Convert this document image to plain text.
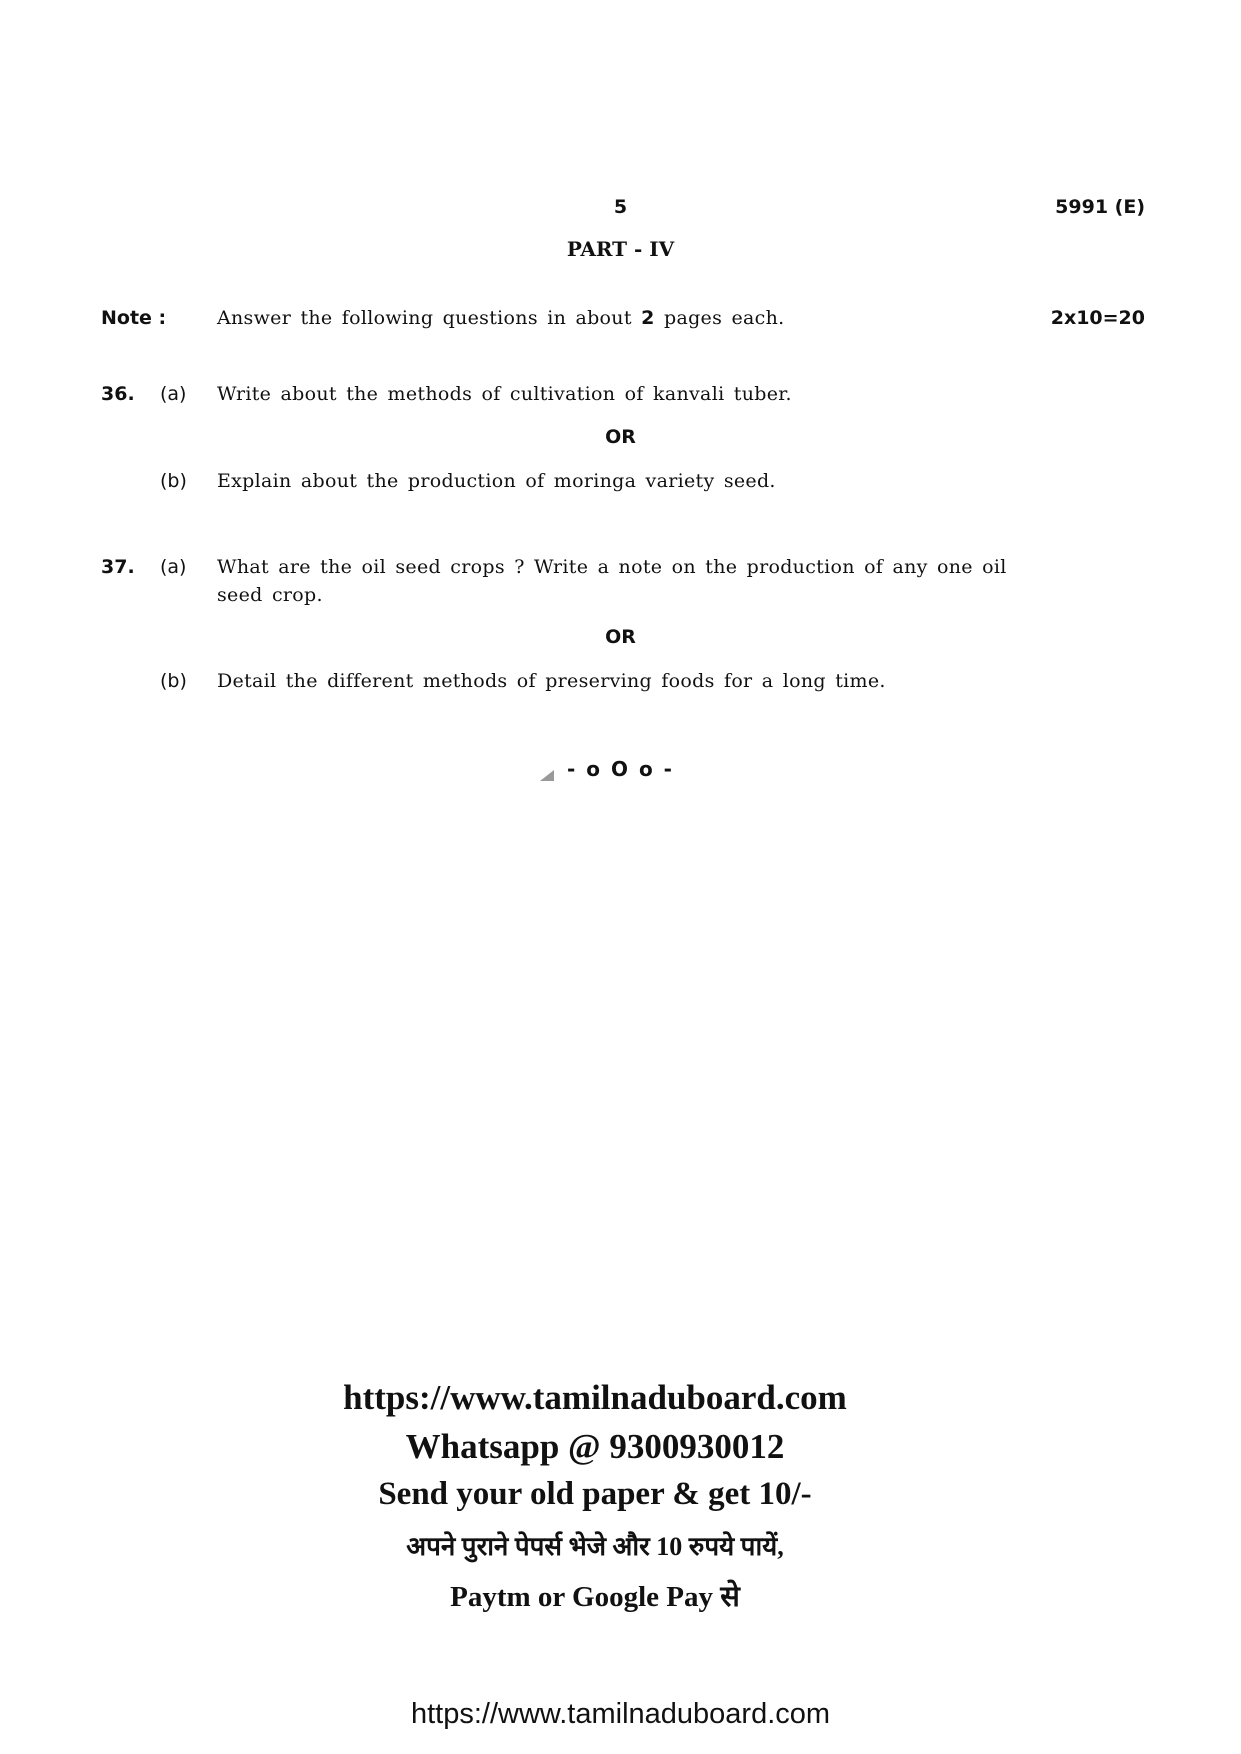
5	5991 (E)
PART - IV
Note :	Answer the following questions in about 2 pages each.	2x10=20
36. (a) Write about the methods of cultivation of kanvali tuber.
OR
(b) Explain about the production of moringa variety seed.
37. (a) What are the oil seed crops ? Write a note on the production of any one oil
seed crop.
OR
(b) Detail the different methods of preserving foods for a long time.
- o O o -
https://www.tamilnaduboard.com
Whatsapp @ 9300930012
Send your old paper & get 10/-
अपने पुराने पेपर्स भेजे और 10 रुपये पायें,
Paytm or Google Pay से
https://www.tamilnaduboard.com
